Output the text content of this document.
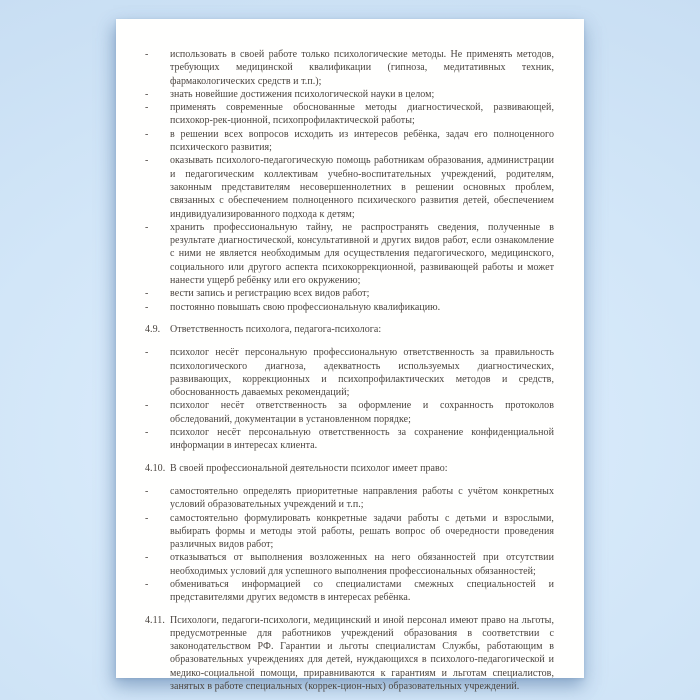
-	использовать в своей работе только психологические методы. Не применять методов, требующих медицинской квалификации (гипноза, медитативных техник, фармакологических средств и т.п.);
-	знать новейшие достижения психологической науки в целом;
-	применять современные обоснованные методы диагностической, развивающей, психокор-рек-ционной, психопрофилактической работы;
-	в решении всех вопросов исходить из интересов ребёнка, задач его полноценного психического развития;
-	оказывать психолого-педагогическую помощь работникам образования, администрации и педагогическим коллективам учебно-воспитательных учреждений, родителям, законным представителям несовершеннолетних в решении основных проблем, связанных с обеспечением полноценного психического развития детей, обеспечением индивидуализированного подхода к детям;
-	хранить профессиональную тайну, не распространять сведения, полученные в результате диагностической, консультативной и других видов работ, если ознакомление с ними не является необходимым для осуществления педагогического, медицинского, социального или другого аспекта психокоррекционной, развивающей работы и может нанести ущерб ребёнку или его окружению;
-	вести запись и регистрацию всех видов работ;
-	постоянно повышать свою профессиональную квалификацию.
4.9. Ответственность психолога, педагога-психолога:
-	психолог несёт персональную профессиональную ответственность за правильность психологического диагноза, адекватность используемых диагностических, развивающих, коррекционных и психопрофилактических методов и средств, обоснованность даваемых рекомендаций;
-	психолог несёт ответственность за оформление и сохранность протоколов обследований, документации в установленном порядке;
-	психолог несёт персональную ответственность за сохранение конфиденциальной информации в интересах клиента.
4.10. В своей профессиональной деятельности психолог имеет право:
-	самостоятельно определять приоритетные направления работы с учётом конкретных условий образовательных учреждений и т.п.;
-	самостоятельно формулировать конкретные задачи работы с детьми и взрослыми, выбирать формы и методы этой работы, решать вопрос об очередности проведения различных видов работ;
-	отказываться от выполнения возложенных на него обязанностей при отсутствии необходимых условий для успешного выполнения профессиональных обязанностей;
-	обмениваться информацией со специалистами смежных специальностей и представителями других ведомств в интересах ребёнка.
4.11. Психологи, педагоги-психологи, медицинский и иной персонал имеют право на льготы, предусмотренные для работников учреждений образования в соответствии с законодательством РФ. Гарантии и льготы специалистам Службы, работающим в образовательных учреждениях для детей, нуждающихся в психолого-педагогической и медико-социальной помощи, приравниваются к гарантиям и льготам специалистов, занятых в работе специальных (коррек-цион-ных) образовательных учреждений.
